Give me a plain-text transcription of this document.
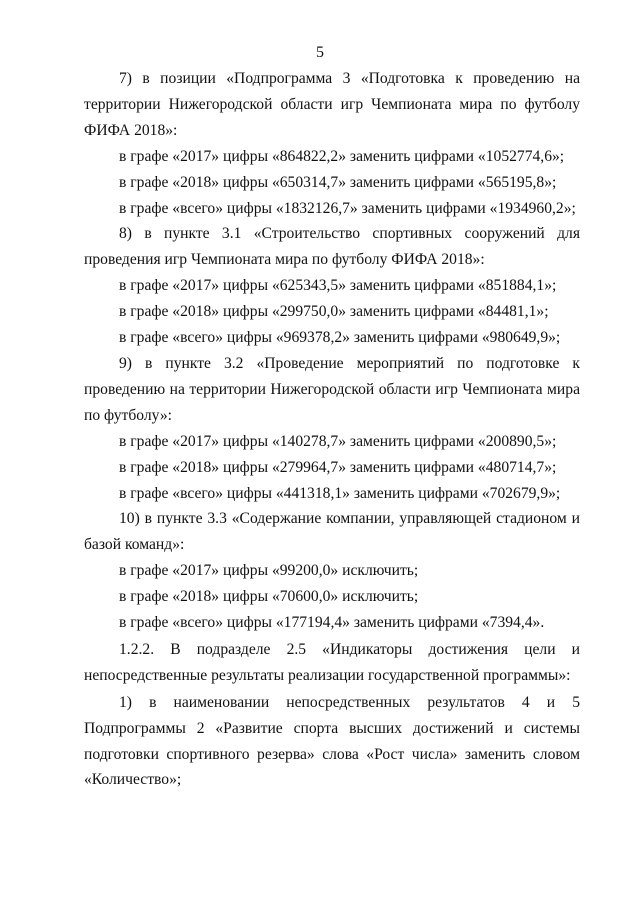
5

7) в позиции «Подпрограмма 3 «Подготовка к проведению на территории Нижегородской области игр Чемпионата мира по футболу ФИФА 2018»:

в графе «2017» цифры «864822,2» заменить цифрами «1052774,6»;

в графе «2018» цифры «650314,7» заменить цифрами «565195,8»;

в графе «всего» цифры «1832126,7» заменить цифрами «1934960,2»;

8) в пункте 3.1 «Строительство спортивных сооружений для проведения игр Чемпионата мира по футболу ФИФА 2018»:

в графе «2017» цифры «625343,5» заменить цифрами «851884,1»;

в графе «2018» цифры «299750,0» заменить цифрами «84481,1»;

в графе «всего» цифры «969378,2» заменить цифрами «980649,9»;

9) в пункте 3.2 «Проведение мероприятий по подготовке к проведению на территории Нижегородской области игр Чемпионата мира по футболу»:

в графе «2017» цифры «140278,7» заменить цифрами «200890,5»;

в графе «2018» цифры «279964,7» заменить цифрами «480714,7»;

в графе «всего» цифры «441318,1» заменить цифрами «702679,9»;

10) в пункте 3.3 «Содержание компании, управляющей стадионом и базой команд»:

в графе «2017» цифры «99200,0» исключить;

в графе «2018» цифры «70600,0» исключить;

в графе «всего» цифры «177194,4» заменить цифрами «7394,4».

1.2.2. В подразделе 2.5 «Индикаторы достижения цели и непосредственные результаты реализации государственной программы»:

1) в наименовании непосредственных результатов 4 и 5 Подпрограммы 2 «Развитие спорта высших достижений и системы подготовки спортивного резерва» слова «Рост числа» заменить словом «Количество»;
